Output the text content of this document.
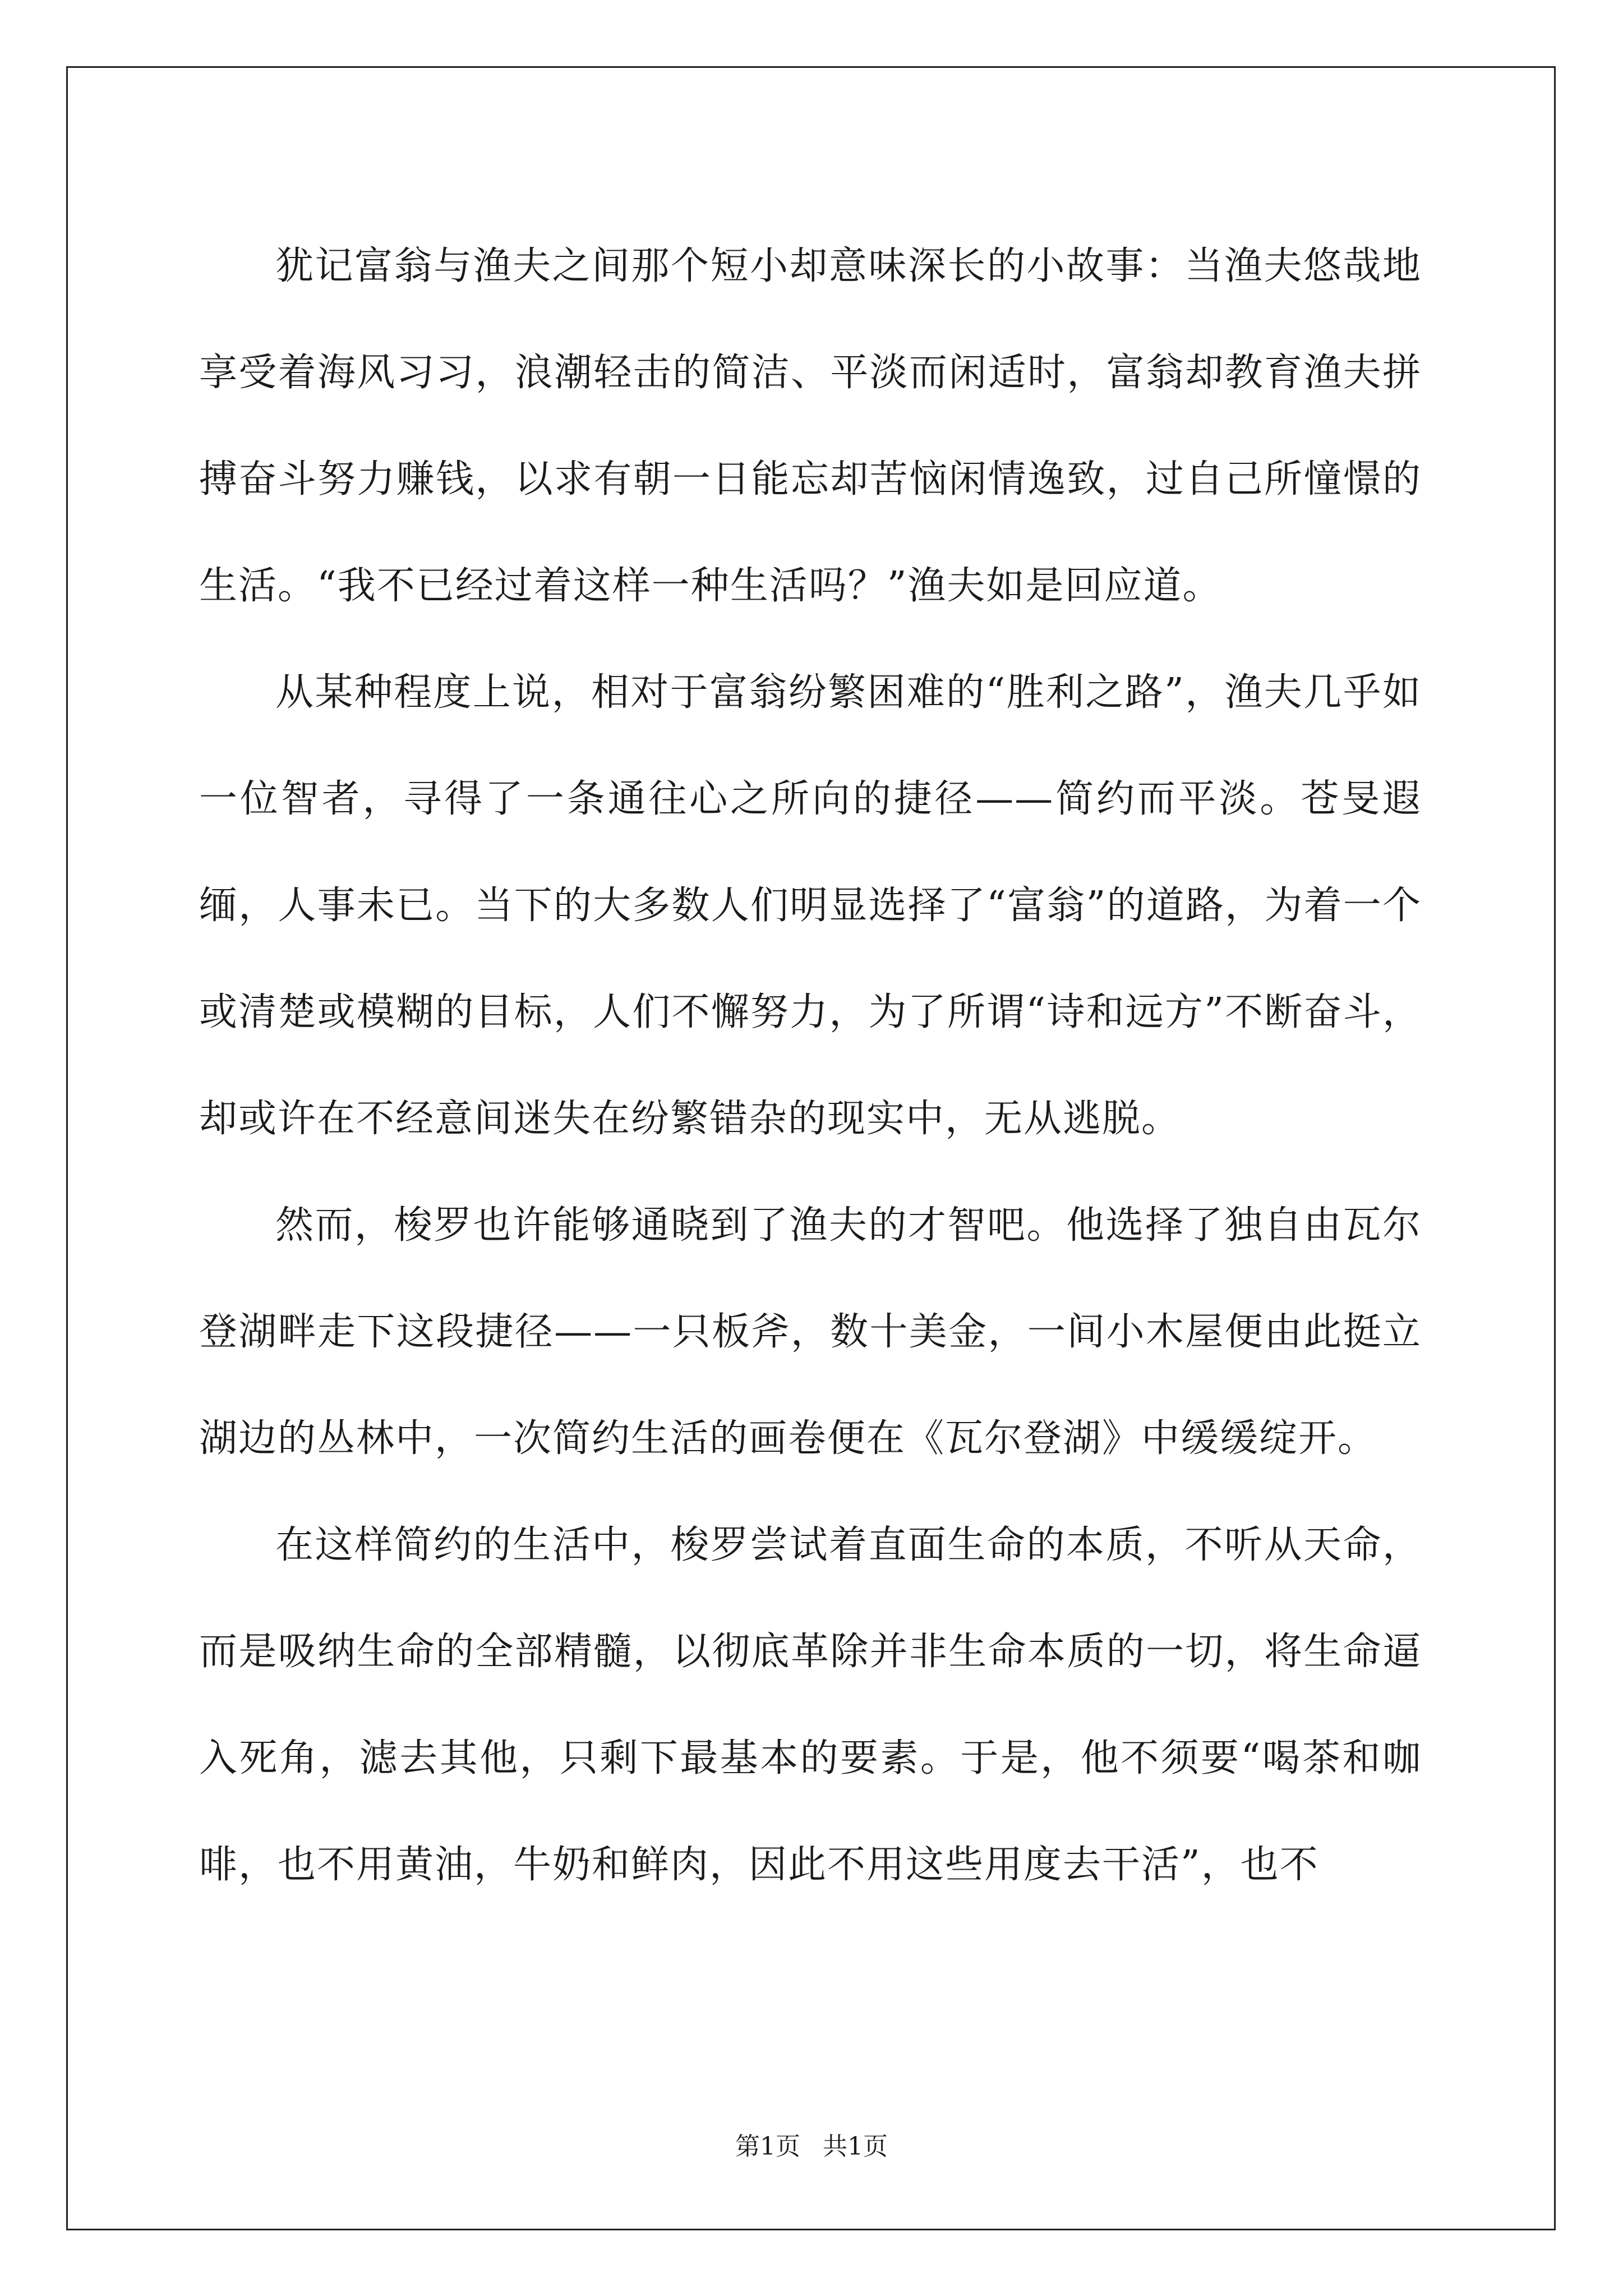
犹记富翁与渔夫之间那个短小却意味深长的小故事：当渔夫悠哉地享受着海风习习，浪潮轻击的简洁、平淡而闲适时，富翁却教育渔夫拼搏奋斗努力赚钱，以求有朝一日能忘却苦恼闲情逸致，过自己所憧憬的生活。“我不已经过着这样一种生活吗？”渔夫如是回应道。

从某种程度上说，相对于富翁纷繁困难的“胜利之路”，渔夫几乎如一位智者，寻得了一条通往心之所向的捷径——简约而平淡。苍旻遐缅，人事未已。当下的大多数人们明显选择了“富翁”的道路，为着一个或清楚或模糊的目标，人们不懈努力，为了所谓“诗和远方”不断奋斗，却或许在不经意间迷失在纷繁错杂的现实中，无从逃脱。

然而，梭罗也许能够通晓到了渔夫的才智吧。他选择了独自由瓦尔登湖畔走下这段捷径——一只板斧，数十美金，一间小木屋便由此挺立湖边的丛林中，一次简约生活的画卷便在《瓦尔登湖》中缓缓绽开。

在这样简约的生活中，梭罗尝试着直面生命的本质，不听从天命，而是吸纳生命的全部精髓，以彻底革除并非生命本质的一切，将生命逼入死角，滤去其他，只剩下最基本的要素。于是，他不须要“喝茶和咖啡，也不用黄油，牛奶和鲜肉，因此不用这些用度去干活”，也不

第1页 共1页
